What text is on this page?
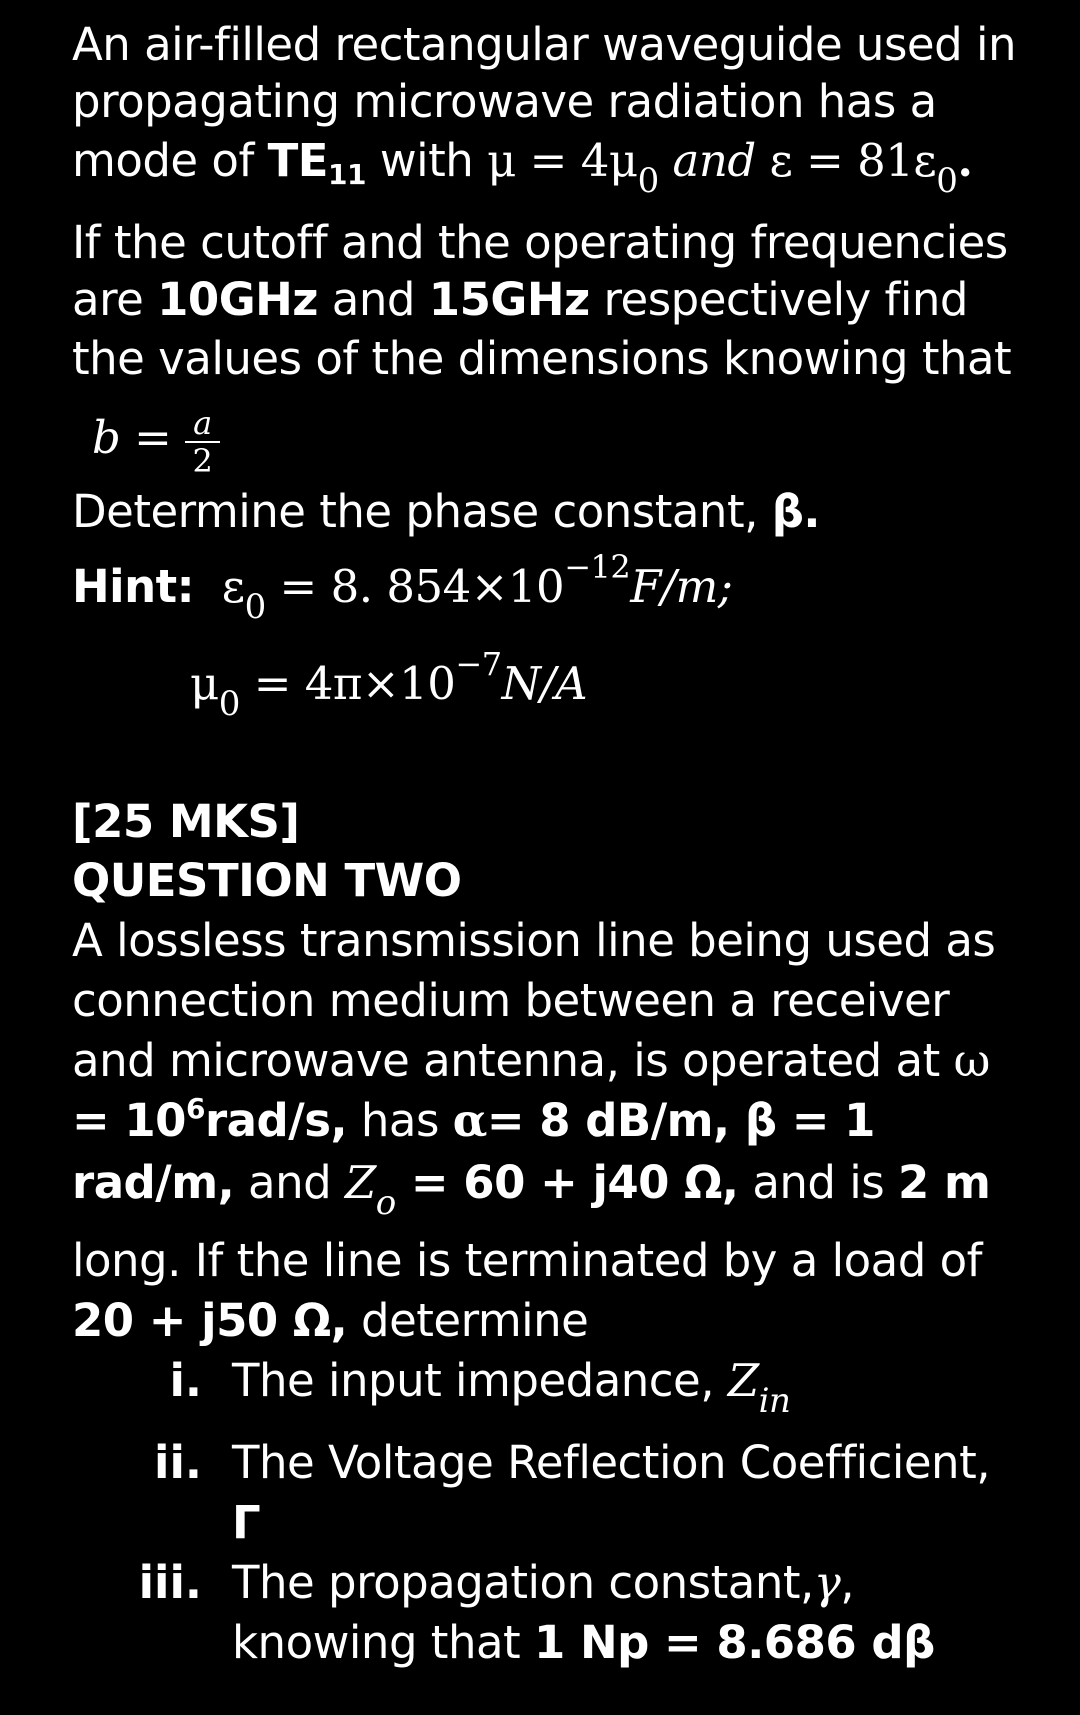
An air-filled rectangular waveguide used in
propagating microwave radiation has a
mode of TE11 with $\mu = 4\mu_0$ and $\varepsilon = 81\varepsilon_0$.
If the cutoff and the operating frequencies
are 10GHz and 15GHz respectively find
the values of the dimensions knowing that
$b = \frac{a}{2}$
Determine the phase constant, β.
Hint: $\varepsilon_0 = 8$. $854\times 10^{-12}F/m$;
$\mu_0 = 4\pi\times 10^{-7}N/A$
[25 MKS]
QUESTION TWO
A lossless transmission line being used as
connection medium between a receiver
and microwave antenna, is operated at ω
= $10^6rad/s$, has α= 8 dB/m, β = 1
rad/m, and $Z_o = 60 + j40$ Ω, and is 2 m
long. If the line is terminated by a load of
20 + j50 Ω, determine
i. The input impedance, $Z_{in}$
ii. The Voltage Reflection Coefficient,
Γ
iii. The propagation constant,γ,
knowing that 1 Np = 8.686 dβ
